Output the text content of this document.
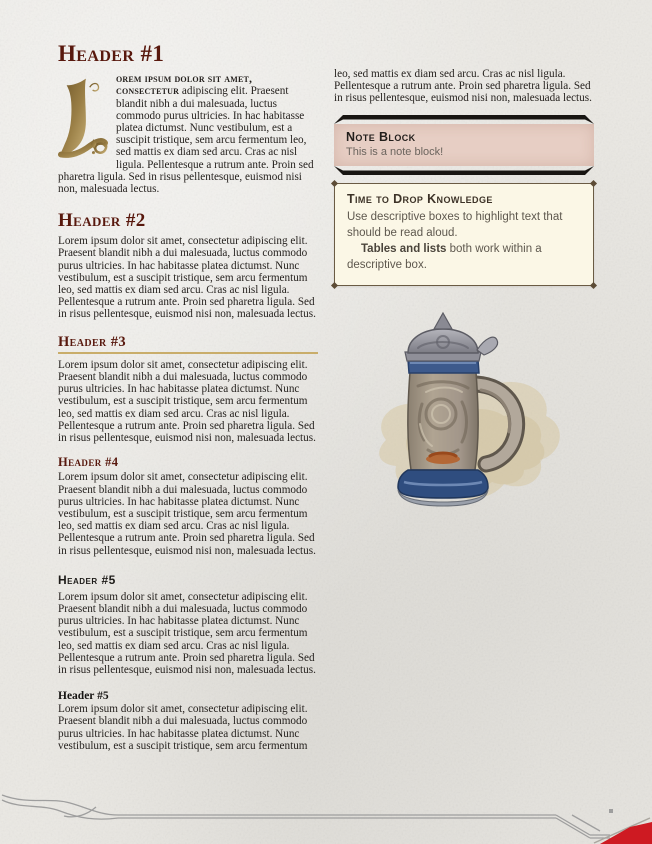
Header #1

orem ipsum dolor sit amet, consectetur adipiscing elit. Praesent blandit nibh a dui malesuada, luctus commodo purus ultricies. In hac habitasse platea dictumst. Nunc vestibulum, est a suscipit tristique, sem arcu fermentum leo, sed mattis ex diam sed arcu. Cras ac nisl ligula. Pellentesque a rutrum ante. Proin sed pharetra ligula. Sed in risus pellentesque, euismod nisi non, malesuada lectus.

Header #2

Lorem ipsum dolor sit amet, consectetur adipiscing elit. Praesent blandit nibh a dui malesuada, luctus commodo purus ultricies. In hac habitasse platea dictumst. Nunc vestibulum, est a suscipit tristique, sem arcu fermentum leo, sed mattis ex diam sed arcu. Cras ac nisl ligula. Pellentesque a rutrum ante. Proin sed pharetra ligula. Sed in risus pellentesque, euismod nisi non, malesuada lectus.

Header #3

Lorem ipsum dolor sit amet, consectetur adipiscing elit. Praesent blandit nibh a dui malesuada, luctus commodo purus ultricies. In hac habitasse platea dictumst. Nunc vestibulum, est a suscipit tristique, sem arcu fermentum leo, sed mattis ex diam sed arcu. Cras ac nisl ligula. Pellentesque a rutrum ante. Proin sed pharetra ligula. Sed in risus pellentesque, euismod nisi non, malesuada lectus.

Header #4

Lorem ipsum dolor sit amet, consectetur adipiscing elit. Praesent blandit nibh a dui malesuada, luctus commodo purus ultricies. In hac habitasse platea dictumst. Nunc vestibulum, est a suscipit tristique, sem arcu fermentum leo, sed mattis ex diam sed arcu. Cras ac nisl ligula. Pellentesque a rutrum ante. Proin sed pharetra ligula. Sed in risus pellentesque, euismod nisi non, malesuada lectus.

Header #5

Lorem ipsum dolor sit amet, consectetur adipiscing elit. Praesent blandit nibh a dui malesuada, luctus commodo purus ultricies. In hac habitasse platea dictumst. Nunc vestibulum, est a suscipit tristique, sem arcu fermentum leo, sed mattis ex diam sed arcu. Cras ac nisl ligula. Pellentesque a rutrum ante. Proin sed pharetra ligula. Sed in risus pellentesque, euismod nisi non, malesuada lectus.

Header #5

Lorem ipsum dolor sit amet, consectetur adipiscing elit. Praesent blandit nibh a dui malesuada, luctus commodo purus ultricies. In hac habitasse platea dictumst. Nunc vestibulum, est a suscipit tristique, sem arcu fermentum

leo, sed mattis ex diam sed arcu. Cras ac nisl ligula. Pellentesque a rutrum ante. Proin sed pharetra ligula. Sed in risus pellentesque, euismod nisi non, malesuada lectus.

Note Block

This is a note block!

Time to Drop Knowledge

Use descriptive boxes to highlight text that should be read aloud.
Tables and lists both work within a descriptive box.
